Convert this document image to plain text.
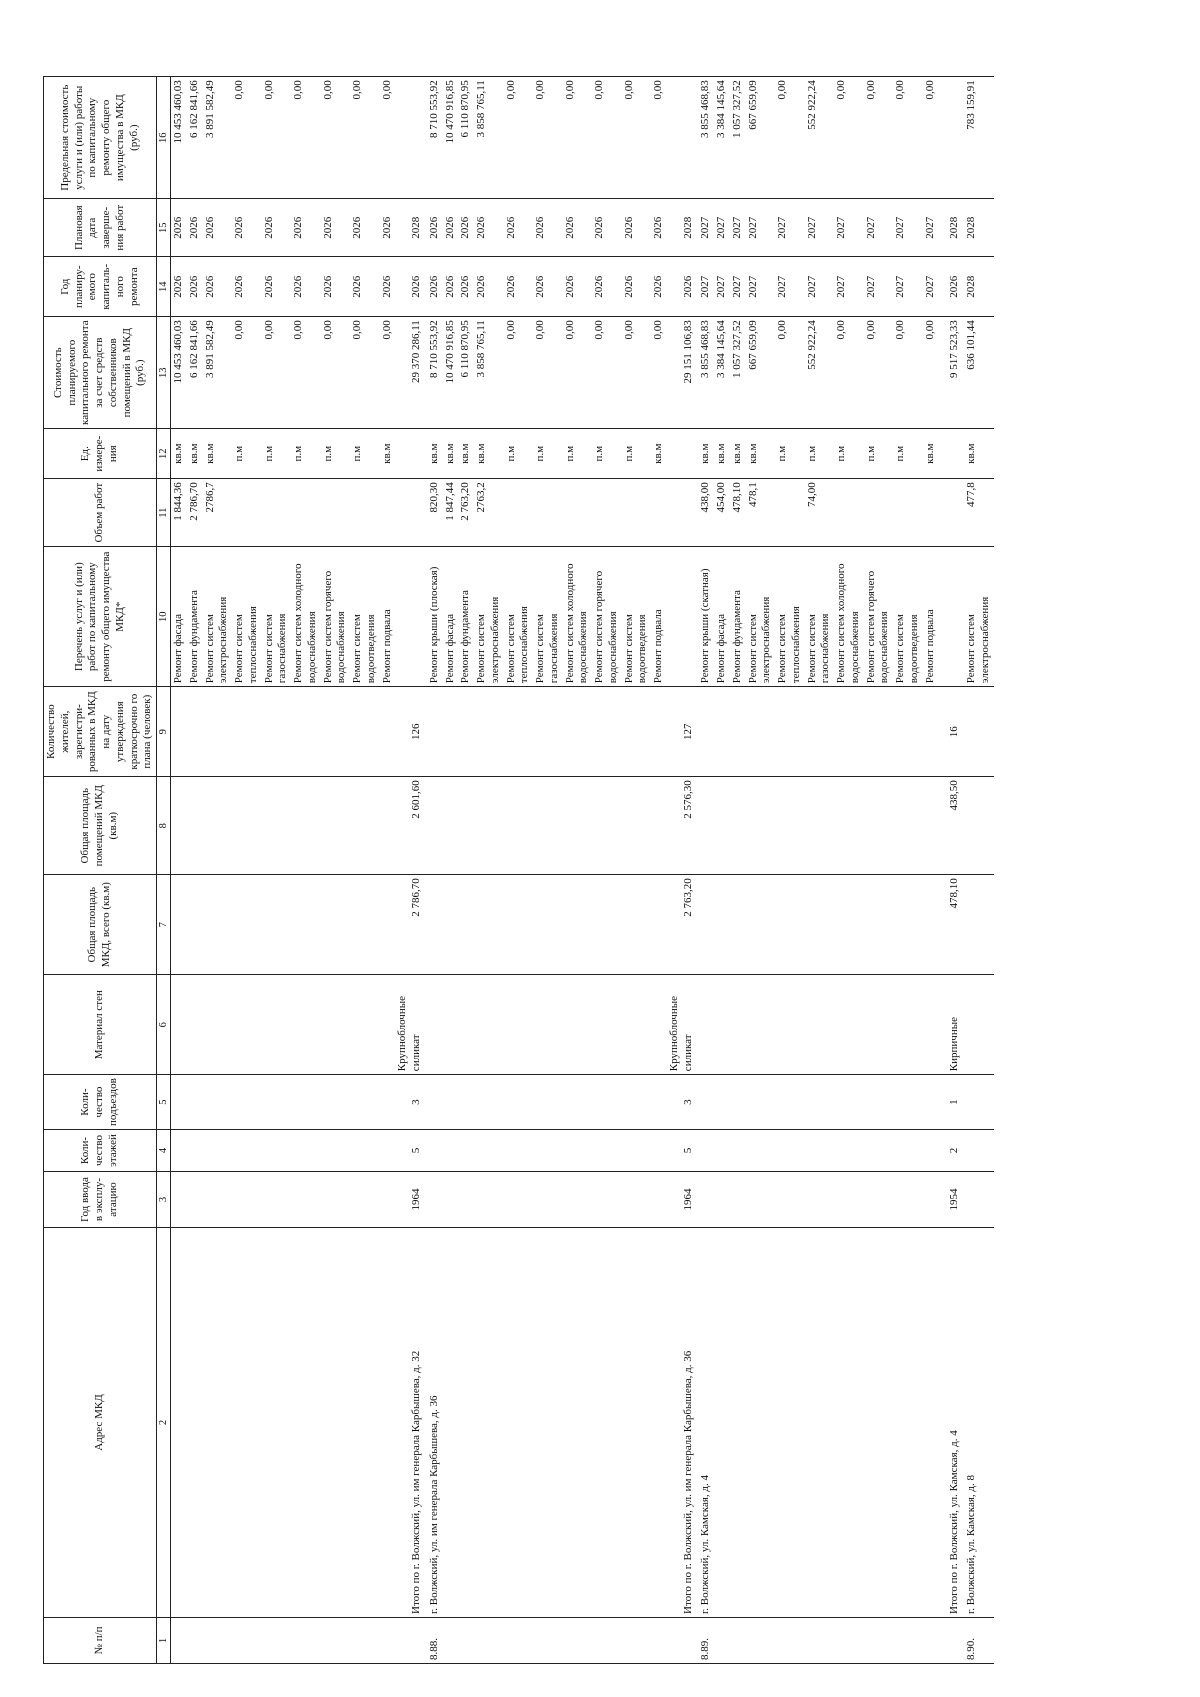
№ п/п	Адрес МКД	Год ввода в эксплу- атацию	Коли- чество этажей	Коли- чество подъездов	Материал стен	Общая площадь МКД, всего (кв.м)	Общая площадь помещений МКД (кв.м)	Количество жителей, зарегистри- рованных в МКД на дату утверждения краткосрочно го плана (человек)	Перечень услуг и (или) работ по капитальному ремонту общего имущества МКД*	Объем работ	Ед. измере- ния	Стоимость планируемого капитального ремонта за счет средств собственников помещений в МКД (руб.)	Год планиру- емого капиталь- ного ремонта	Плановая дата заверше- ния работ	Предельная стоимость услуги и (или) работы по капитальному ремонту общего имущества в МКД (руб.)
1	2	3	4	5	6	7	8	9	10	11	12	13	14	15	16
									Ремонт фасада	1 844,36	кв.м	10 453 460,03	2026	2026	10 453 460,03
									Ремонт фундамента	2 786,70	кв.м	6 162 841,66	2026	2026	6 162 841,66
									Ремонт систем электроснабжения	2786,7	кв.м	3 891 582,49	2026	2026	3 891 582,49
									Ремонт систем теплоснабжения		п.м	0,00	2026	2026	0,00
									Ремонт систем газоснабжения		п.м	0,00	2026	2026	0,00
									Ремонт систем холодного водоснабжения		п.м	0,00	2026	2026	0,00
									Ремонт систем горячего водоснабжения		п.м	0,00	2026	2026	0,00
									Ремонт систем водоотведения		п.м	0,00	2026	2026	0,00
									Ремонт подвала		кв.м	0,00	2026	2026	0,00
	Итого по г. Волжский, ул. им генерала Карбышева, д. 32	1964	5	3	Крупноблочные силикат	2 786,70	2 601,60	126				29 370 286,11	2026	2028	

8.88.	г. Волжский, ул. им генерала Карбышева, д. 36								Ремонт крыши (плоская)	820,30	кв.м	8 710 553,92	2026	2026	8 710 553,92
									Ремонт фасада	1 847,44	кв.м	10 470 916,85	2026	2026	10 470 916,85
									Ремонт фундамента	2 763,20	кв.м	6 110 870,95	2026	2026	6 110 870,95
									Ремонт систем электроснабжения	2763,2	кв.м	3 858 765,11	2026	2026	3 858 765,11
									Ремонт систем теплоснабжения		п.м	0,00	2026	2026	0,00
									Ремонт систем газоснабжения		п.м	0,00	2026	2026	0,00
									Ремонт систем холодного водоснабжения		п.м	0,00	2026	2026	0,00
									Ремонт систем горячего водоснабжения		п.м	0,00	2026	2026	0,00
									Ремонт систем водоотведения		п.м	0,00	2026	2026	0,00
									Ремонт подвала		кв.м	0,00	2026	2026	0,00
	Итого по г. Волжский, ул. им генерала Карбышева, д. 36	1964	5	3	Крупноблочные силикат	2 763,20	2 576,30	127				29 151 106,83	2026	2028	

8.89.	г. Волжский, ул. Камская, д. 4								Ремонт крыши (скатная)	438,00	кв.м	3 855 468,83	2027	2027	3 855 468,83
									Ремонт фасада	454,00	кв.м	3 384 145,64	2027	2027	3 384 145,64
									Ремонт фундамента	478,10	кв.м	1 057 327,52	2027	2027	1 057 327,52
									Ремонт систем электроснабжения	478,1	кв.м	667 659,09	2027	2027	667 659,09
									Ремонт систем теплоснабжения		п.м	0,00	2027	2027	0,00
									Ремонт систем газоснабжения	74,00	п.м	552 922,24	2027	2027	552 922,24
									Ремонт систем холодного водоснабжения		п.м	0,00	2027	2027	0,00
									Ремонт систем горячего водоснабжения		п.м	0,00	2027	2027	0,00
									Ремонт систем водоотведения		п.м	0,00	2027	2027	0,00
									Ремонт подвала		кв.м	0,00	2027	2027	0,00
	Итого по г. Волжский, ул. Камская, д. 4	1954	2	1	Кирпичные	478,10	438,50	16				9 517 523,33	2026	2028	

8.90.	г. Волжский, ул. Камская, д. 8								Ремонт систем электроснабжения	477,8	кв.м	636 101,44	2028	2028	783 159,91
